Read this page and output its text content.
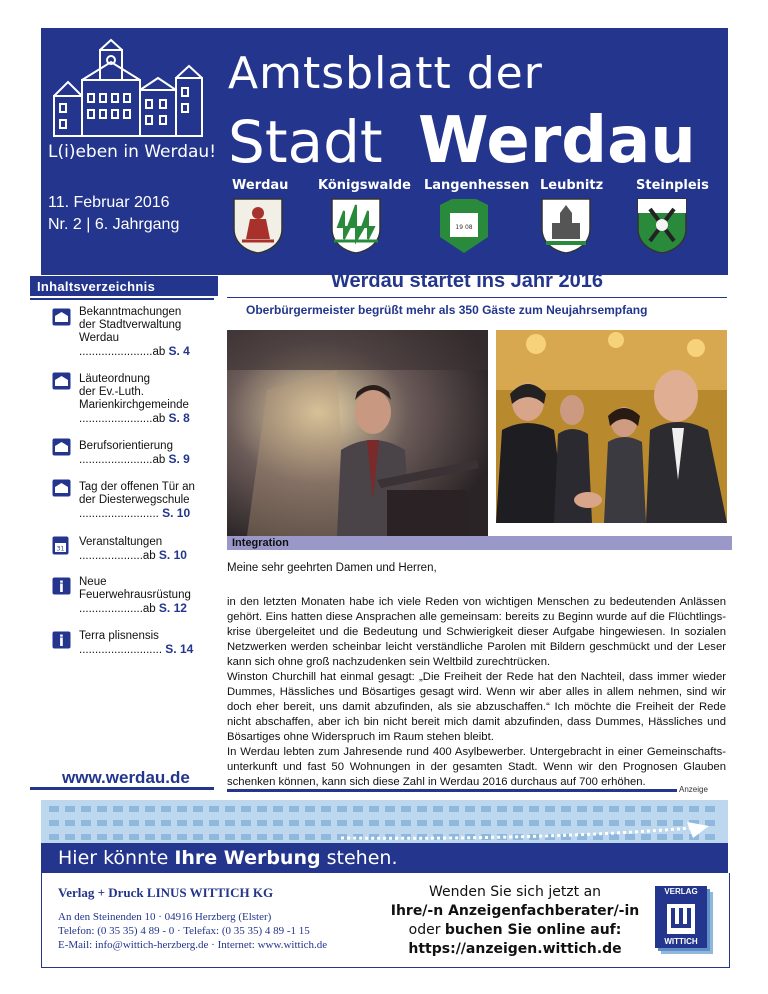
L(i)eben in Werdau!
Amtsblatt der
Stadt Werdau
11. Februar 2016
Nr. 2 | 6. Jahrgang
Werdau Königswalde Langenhessen Leubnitz	Steinpleis
19 08
Inhaltsverzeichnis
Bekanntmachungen
der Stadtverwaltung
Werdau
.......................ab S. 4
Läuteordnung
der Ev.-Luth.
Marienkirchgemeinde
.......................ab S. 8
Berufsorientierung
.......................ab S. 9
Tag der offenen Tür an
der Diesterwegschule
......................... S. 10
31
Veranstaltungen
....................ab S. 10
i Neue
Feuerwehrausrüstung
....................ab S. 12
i Terra plisnensis
.......................... S. 14
www.werdau.de
Werdau startet ins Jahr 2016
Oberbürgermeister begrüßt mehr als 350 Gäste zum Neujahrsempfang
Integration
Meine sehr geehrten Damen und Herren,
in den letzten Monaten habe ich viele Reden von wichtigen Menschen zu bedeutenden Anlässen gehört. Eins hatten diese Ansprachen alle gemeinsam: bereits zu Beginn wurde auf die Flüchtlings-krise übergeleitet und die Bedeutung und Schwierigkeit dieser Aufgabe hingewiesen. In sozialen Netzwerken werden scheinbar leicht verständliche Parolen mit Bildern geschmückt und der Leser kann sich ohne groß nachzudenken sein Weltbild zurechtrücken.
Winston Churchill hat einmal gesagt: „Die Freiheit der Rede hat den Nachteil, dass immer wieder Dummes, Hässliches und Bösartiges gesagt wird. Wenn wir aber alles in allem nehmen, sind wir doch eher bereit, uns damit abzufinden, als sie abzuschaffen.“ Ich möchte die Freiheit der Rede nicht abschaffen, aber ich bin nicht bereit mich damit abzufinden, dass Dummes, Hässliches und Bösartiges ohne Widerspruch im Raum stehen bleibt.
In Werdau lebten zum Jahresende rund 400 Asylbewerber. Untergebracht in einer Gemeinschafts-unterkunft und fast 50 Wohnungen in der gesamten Stadt. Wenn wir den Prognosen Glauben schenken können, kann sich diese Zahl in Werdau 2016 durchaus auf 700 erhöhen.
Anzeige
Hier könnte Ihre Werbung stehen.
Verlag + Druck LINUS WITTICH KG
An den Steinenden 10 · 04916 Herzberg (Elster)
Telefon: (0 35 35) 4 89 - 0 · Telefax: (0 35 35) 4 89 -1 15
E-Mail: info@wittich-herzberg.de · Internet: www.wittich.de
Wenden Sie sich jetzt an
Ihre/-n Anzeigenfachberater/-in
oder buchen Sie online auf:
https://anzeigen.wittich.de
VERLAG
WITTICH
